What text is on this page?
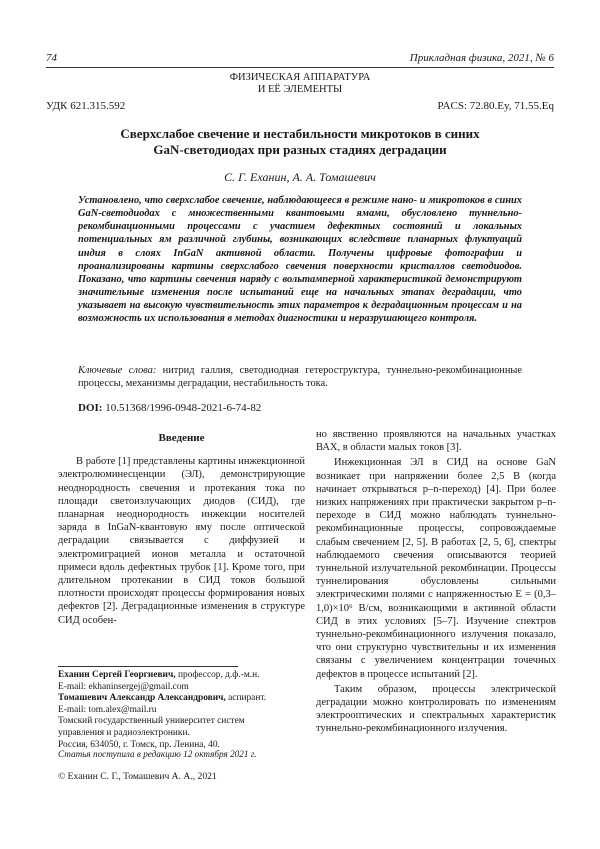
74	Прикладная физика, 2021, № 6
ФИЗИЧЕСКАЯ АППАРАТУРА
И ЕЁ ЭЛЕМЕНТЫ
УДК 621.315.592	PACS: 72.80.Ey, 71.55.Eq
Сверхслабое свечение и нестабильности микротоков в синих
GaN-светодиодах при разных стадиях деградации
С. Г. Еханин, А. А. Томашевич
Установлено, что сверхслабое свечение, наблюдающееся в режиме нано- и микротоков в синих GaN-светодиодах с множественными квантовыми ямами, обусловлено туннельно-рекомбинационными процессами с участием дефектных состояний и локальных потенциальных ям различной глубины, возникающих вследствие планарных флуктуаций индия в слоях InGaN активной области. Получены цифровые фотографии и проанализированы картины сверхслабого свечения поверхности кристаллов светодиодов. Показано, что картины свечения наряду с вольтамперной характеристикой демонстрируют значительные изменения после испытаний еще на начальных этапах деградации, что указывает на высокую чувствительность этих параметров к деградационным процессам и на возможность их использования в методах диагностики и неразрушающего контроля.
Ключевые слова: нитрид галлия, светодиодная гетероструктура, туннельно-рекомбинационные процессы, механизмы деградации, нестабильность тока.
DOI: 10.51368/1996-0948-2021-6-74-82
Введение

В работе [1] представлены картины инжекционной электролюминесценции (ЭЛ), демонстрирующие неоднородность свечения и протекания тока по площади светоизлучающих диодов (СИД), где планарная неоднородность инжекции носителей заряда в InGaN-квантовую яму после оптической деградации связывается с диффузией и электромиграцией ионов металла и остаточной примеси вдоль дефектных трубок [1]. Кроме того, при длительном протекании в СИД токов большой плотности происходят процессы формирования новых дефектов [2]. Деградационные изменения в структуре СИД особен-

но явственно проявляются на начальных участках ВАХ, в области малых токов [3].

Инжекционная ЭЛ в СИД на основе GaN возникает при напряжении более 2,5 В (когда начинает открываться p–n-переход) [4]. При более низких напряжениях при практически закрытом p–n-переходе в СИД можно наблюдать туннельно-рекомбинационные процессы, сопровождаемые слабым свечением [2, 5]. В работах [2, 5, 6], спектры наблюдаемого свечения описываются теорией туннельной излучательной рекомбинации. Процессы туннелирования обусловлены сильными электрическими полями с напряженностью E = (0,3–1,0)×10⁶ В/см, возникающими в активной области СИД в этих условиях [5–7]. Изучение спектров туннельно-рекомбинационного излучения показало, что они структурно чувствительны и их изменения связаны с увеличением концентрации точечных дефектов в процессе испытаний [2].

Таким образом, процессы электрической деградации можно контролировать по изменениям электрооптических и спектральных характеристик туннельно-рекомбинационного излучения.

Еханин Сергей Георгиевич, профессор, д.ф.-м.н.
E-mail: ekhaninsergej@gmail.com
Томашевич Александр Александрович, аспирант.
E-mail: tom.alex@mail.ru
Томский государственный университет систем
управления и радиоэлектроники.
Россия, 634050, г. Томск, пр. Ленина, 40.
Статья поступила в редакцию 12 октября 2021 г.
© Еханин С. Г., Томашевич А. А., 2021
